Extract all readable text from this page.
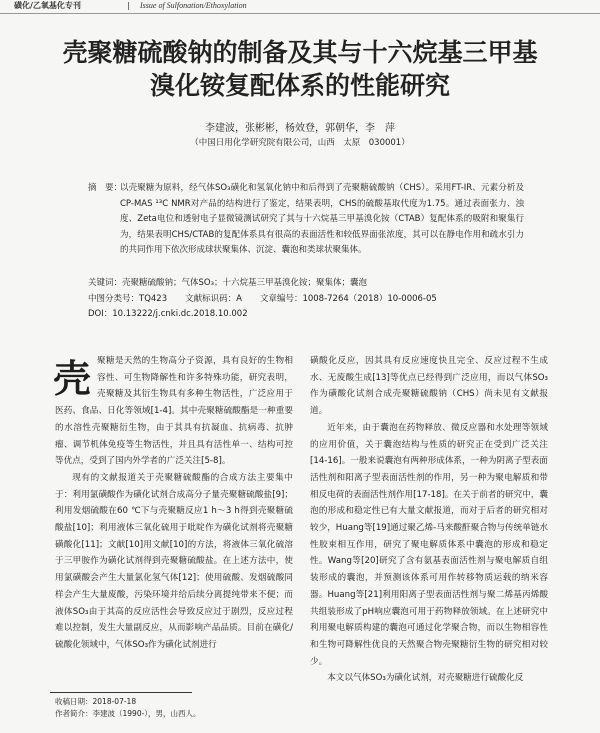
磺化/乙氧基化专刊	| Issue of Sulfonation/Ethoxylation
壳聚糖硫酸钠的制备及其与十六烷基三甲基
溴化铵复配体系的性能研究
李建波，张彬彬，杨效登，郭朝华，李　萍
（中国日用化学研究院有限公司，山西　太原　030001）
摘　要：
以壳聚糖为原料，经气体SO₃磺化和氢氧化钠中和后得到了壳聚糖硫酸钠（CHS）。采用FT-IR、元素分析及CP-MAS ¹³C NMR对产品的结构进行了鉴定，结果表明，CHS的硫酸基取代度为1.75。通过表面张力、浊度、Zeta电位和透射电子显微镜测试研究了其与十六烷基三甲基溴化铵（CTAB）复配体系的吸附和聚集行为，结果表明CHS/CTAB的复配体系具有很高的表面活性和较低界面张浓度，其可以在静电作用和疏水引力的共同作用下依次形成球状聚集体、沉淀、囊泡和类球状聚集体。
关键词：壳聚糖硫酸钠；气体SO₃；十六烷基三甲基溴化铵；聚集体；囊泡
中图分类号：TQ423 文献标识码：A 文章编号：1008-7264（2018）10-0006-05
DOI：10.13222/j.cnki.dc.2018.10.002

壳聚糖是天然的生物高分子资源，具有良好的生物相容性、可生物降解性和许多特殊功能，研究表明，壳聚糖及其衍生物具有多种生物活性，广泛应用于医药、食品、日化等领域[1-4]。其中壳聚糖硫酸酯是一种重要的水溶性壳聚糖衍生物，由于其具有抗凝血、抗病毒、抗肿瘤、调节机体免疫等生物活性，并且具有活性单一、结构可控等优点，受到了国内外学者的广泛关注[5-8]。

现有的文献报道关于壳聚糖硫酸酯的合成方法主要集中于：利用氯磺酸作为磺化试剂合成高分子量壳聚糖硫酸盐[9]；利用发烟硫酸在60 ℃下与壳聚糖反应1 h～3 h得到壳聚糖硫酸盐[10]；利用液体三氧化硫用于吡啶作为磺化试剂将壳聚糖磺酸化[11]；文献[10]用文献[10]的方法，将液体三氧化硫溶于三甲胺作为磺化试剂得到壳聚糖硫酸盐。在上述方法中，使用氯磺酸会产生大量氯化氢气体[12]；使用硫酸、发烟硫酸同样会产生大量废酸，污染环境并给后续分离提纯带来不便；而液体SO₃由于其高的反应活性会导致反应过于剧烈，反应过程难以控制，发生大量副反应，从而影响产品品质。目前在磺化/硫酸化领域中，气体SO₃作为磺化试剂进行

磺酸化反应，因其具有反应速度快且完全、反应过程不生成水、无废酸生成[13]等优点已经得到广泛应用，而以气体SO₃作为磺酸化试剂合成壳聚糖硫酸钠（CHS）尚未见有文献报道。

近年来，由于囊泡在药物释放、微反应器和水处理等领域的应用价值，关于囊泡结构与性质的研究正在受到广泛关注[14-16]。一般来说囊泡有两种形成体系，一种为阴离子型表面活性剂和阳离子型表面活性剂的作用，另一种为聚电解质和带相反电荷的表面活性剂作用[17-18]。在关于前者的研究中，囊泡的形成和稳定性已有大量文献报道，而对于后者的研究相对较少，Huang等[19]通过聚乙烯-马来酸酐聚合物与传统单链水性胶束相互作用，研究了聚电解质体系中囊泡的形成和稳定性。Wang等[20]研究了含有氨基表面活性剂与聚电解质自组装形成的囊泡，并预测该体系可用作转移物质运载的纳米容器。Huang等[21]利用阳离子型表面活性剂与聚二烯基丙烯酸共组装形成了pH响应囊泡可用于药物释放领域。在上述研究中利用聚电解质构建的囊泡可通过化学聚合物，而以生物相容性和生物可降解性优良的天然聚合物壳聚糖衍生物的研究相对较少。

本文以气体SO₃为磺化试剂，对壳聚糖进行硫酸化反

收稿日期：2018-07-18
作者简介：李建波（1990-），男，山西人。
